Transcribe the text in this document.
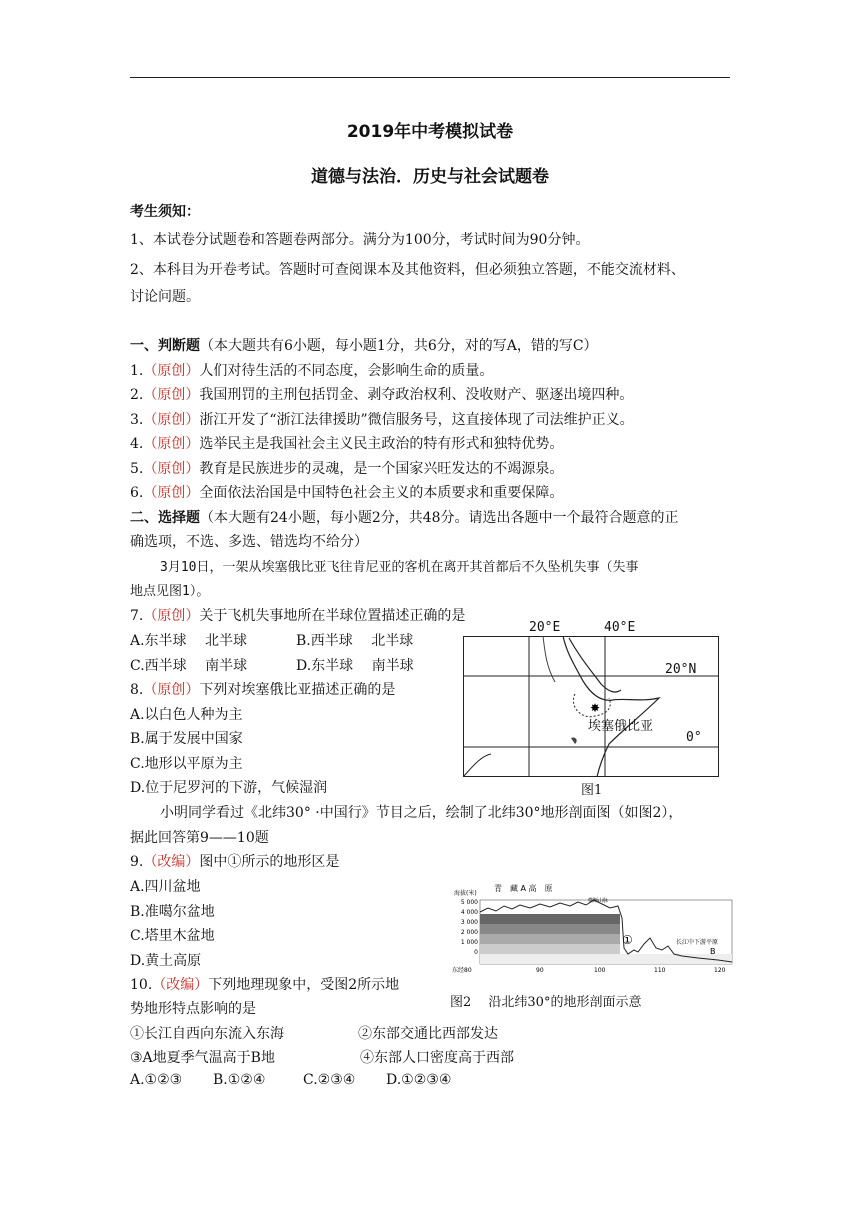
2019年中考模拟试卷
道德与法治．历史与社会试题卷
考生须知：
1、本试卷分试题卷和答题卷两部分。满分为100分，考试时间为90分钟。
2、本科目为开卷考试。答题时可查阅课本及其他资料，但必须独立答题，不能交流材料、
讨论问题。
一、判断题（本大题共有6小题，每小题1分，共6分，对的写A，错的写C）
1.（原创）人们对待生活的不同态度，会影响生命的质量。
2.（原创）我国刑罚的主刑包括罚金、剥夺政治权利、没收财产、驱逐出境四种。
3.（原创）浙江开发了“浙江法律援助”微信服务号，这直接体现了司法维护正义。
4.（原创）选举民主是我国社会主义民主政治的特有形式和独特优势。
5.（原创）教育是民族进步的灵魂，是一个国家兴旺发达的不竭源泉。
6.（原创）全面依法治国是中国特色社会主义的本质要求和重要保障。
二、选择题（本大题有24小题，每小题2分，共48分。请选出各题中一个最符合题意的正
确选项，不选、多选、错选均不给分）
3月10日，一架从埃塞俄比亚飞往肯尼亚的客机在离开其首都后不久坠机失事（失事
地点见图1）。
7.（原创）关于飞机失事地所在半球位置描述正确的是
A.东半球　 北半球	B.西半球　 北半球
C.西半球　 南半球	D.东半球　 南半球
8.（原创）下列对埃塞俄比亚描述正确的是
A.以白色人种为主
B.属于发展中国家
C.地形以平原为主
D.位于尼罗河的下游，气候湿润
20°E	40°E
✸
20°N
0°
埃塞俄比亚
图1
小明同学看过《北纬30° ·中国行》节目之后，绘制了北纬30°地形剖面图（如图2），
据此回答第9——10题
9.（改编）图中①所示的地形区是
A.四川盆地
B.准噶尔盆地
C.塔里木盆地
D.黄土高原
海拔(米)
5 000
4 000
3 000
2 000
1 000
0
东经80	90	100	110	120
青　藏 A 高　原
横断山脉
①	长江中下游平原
B
图2　 沿北纬30°的地形剖面示意
10.（改编）下列地理现象中，受图2所示地
势地形特点影响的是
①长江自西向东流入东海	②东部交通比西部发达
③A地夏季气温高于B地	④东部人口密度高于西部
A.①②③ B.①②④	C.②③④ D.①②③④
